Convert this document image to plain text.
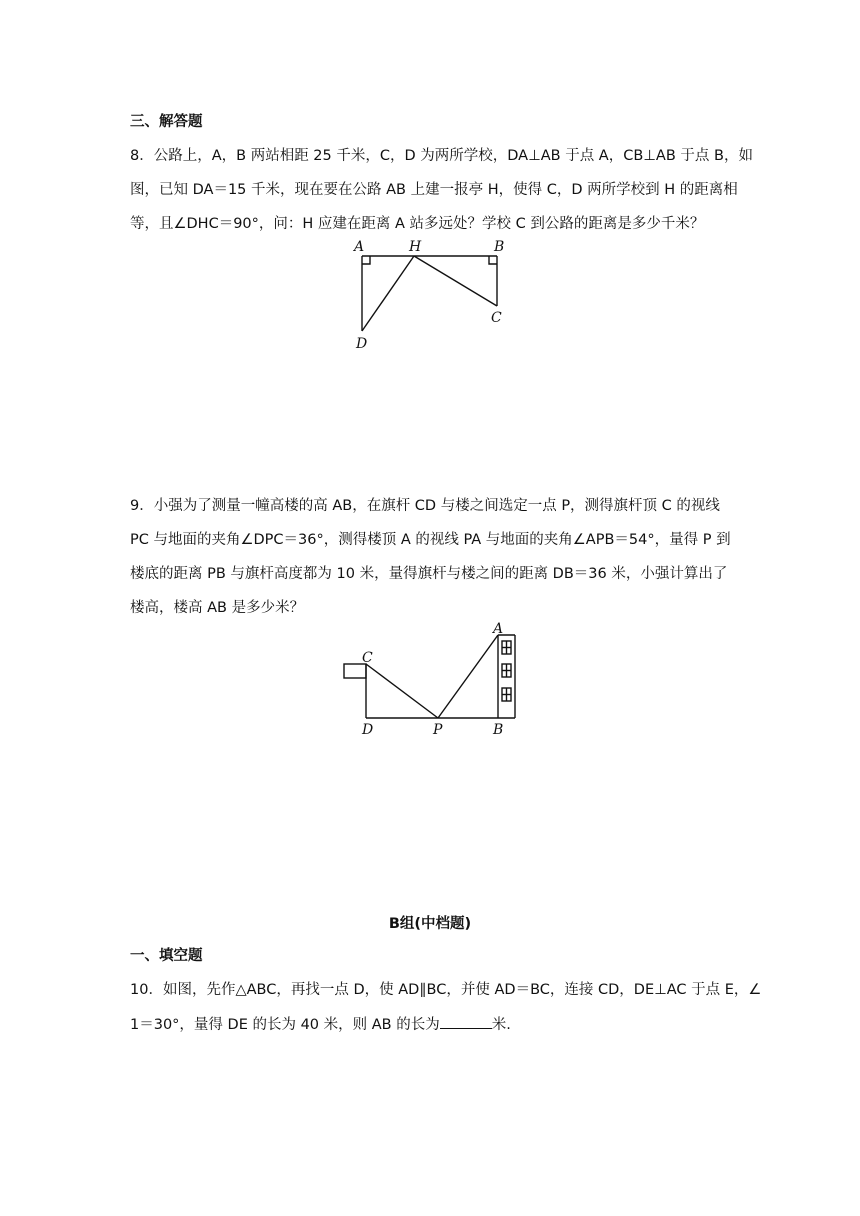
三、解答题
8．公路上，A，B 两站相距 25 千米，C，D 为两所学校，DA⊥AB 于点 A，CB⊥AB 于点 B，如
图，已知 DA＝15 千米，现在要在公路 AB 上建一报亭 H，使得 C，D 两所学校到 H 的距离相
等，且∠DHC＝90°，问：H 应建在距离 A 站多远处？学校 C 到公路的距离是多少千米？
A	H	B
C
D
9．小强为了测量一幢高楼的高 AB，在旗杆 CD 与楼之间选定一点 P，测得旗杆顶 C 的视线
PC 与地面的夹角∠DPC＝36°，测得楼顶 A 的视线 PA 与地面的夹角∠APB＝54°，量得 P 到
楼底的距离 PB 与旗杆高度都为 10 米，量得旗杆与楼之间的距离 DB＝36 米，小强计算出了
楼高，楼高 AB 是多少米？
A
C
D	P	B
B组(中档题)
一、填空题
10．如图，先作△ABC，再找一点 D，使 AD∥BC，并使 AD＝BC，连接 CD，DE⊥AC 于点 E，∠
1＝30°，量得 DE 的长为 40 米，则 AB 的长为	米.
